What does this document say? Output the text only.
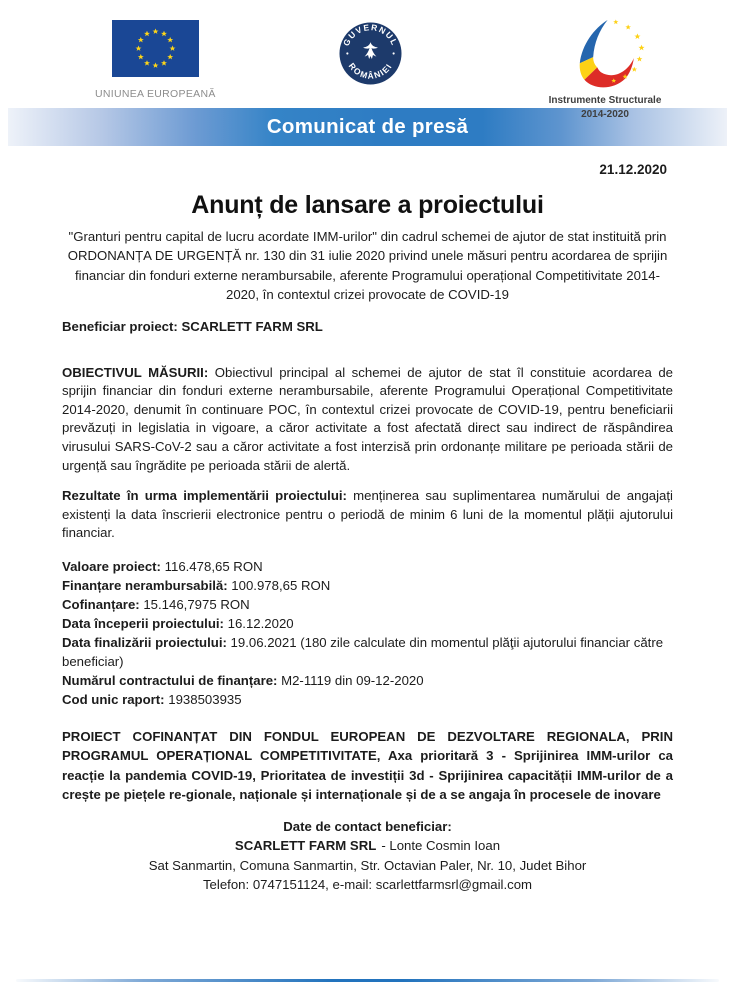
UNIUNEA EUROPEANĂ
GUVERNUL
ROMÂNIEI
Instrumente Structurale
2014-2020
Comunicat de presă
21.12.2020
Anunț de lansare a proiectului

"Granturi pentru capital de lucru acordate IMM-urilor" din cadrul schemei de ajutor de stat instituită prin ORDONANȚA DE URGENȚĂ nr. 130 din 31 iulie 2020 privind unele măsuri pentru acordarea de sprijin financiar din fonduri externe nerambursabile, aferente Programului operațional Competitivitate 2014-2020, în contextul crizei provocate de COVID-19

Beneficiar proiect: SCARLETT FARM SRL

OBIECTIVUL MĂSURII: Obiectivul principal al schemei de ajutor de stat îl constituie acordarea de sprijin financiar din fonduri externe nerambursabile, aferente Programului Operațional Competitivitate 2014-2020, denumit în continuare POC, în contextul crizei provocate de COVID-19, pentru beneficiarii prevăzuți in legislatia in vigoare, a căror activitate a fost afectată direct sau indirect de răspândirea virusului SARS-CoV-2 sau a căror activitate a fost interzisă prin ordonanțe militare pe perioada stării de urgență sau îngrădite pe perioada stării de alertă.

Rezultate în urma implementării proiectului: menținerea sau suplimentarea numărului de angajați existenți la data înscrierii electronice pentru o periodă de minim 6 luni de la momentul plății ajutorului financiar.

Valoare proiect: 116.478,65 RON
Finanțare nerambursabilă: 100.978,65 RON
Cofinanțare: 15.146,7975 RON
Data începerii proiectului: 16.12.2020
Data finalizării proiectului: 19.06.2021 (180 zile calculate din momentul plăţii ajutorului financiar către beneficiar)
Numărul contractului de finanțare: M2-1119 din 09-12-2020
Cod unic raport: 1938503935

PROIECT COFINANȚAT DIN FONDUL EUROPEAN DE DEZVOLTARE REGIONALA, PRIN PROGRAMUL OPERAȚIONAL COMPETITIVITATE, Axa prioritară 3 - Sprijinirea IMM-urilor ca reacție la pandemia COVID-19, Prioritatea de investiții 3d - Sprijinirea capacității IMM-urilor de a crește pe piețele re-gionale, naționale și internaționale și de a se angaja în procesele de inovare

Date de contact beneficiar:
SCARLETT FARM SRL - Lonte Cosmin Ioan
Sat Sanmartin, Comuna Sanmartin, Str. Octavian Paler, Nr. 10, Judet Bihor
Telefon: 0747151124, e-mail: scarlettfarmsrl@gmail.com
